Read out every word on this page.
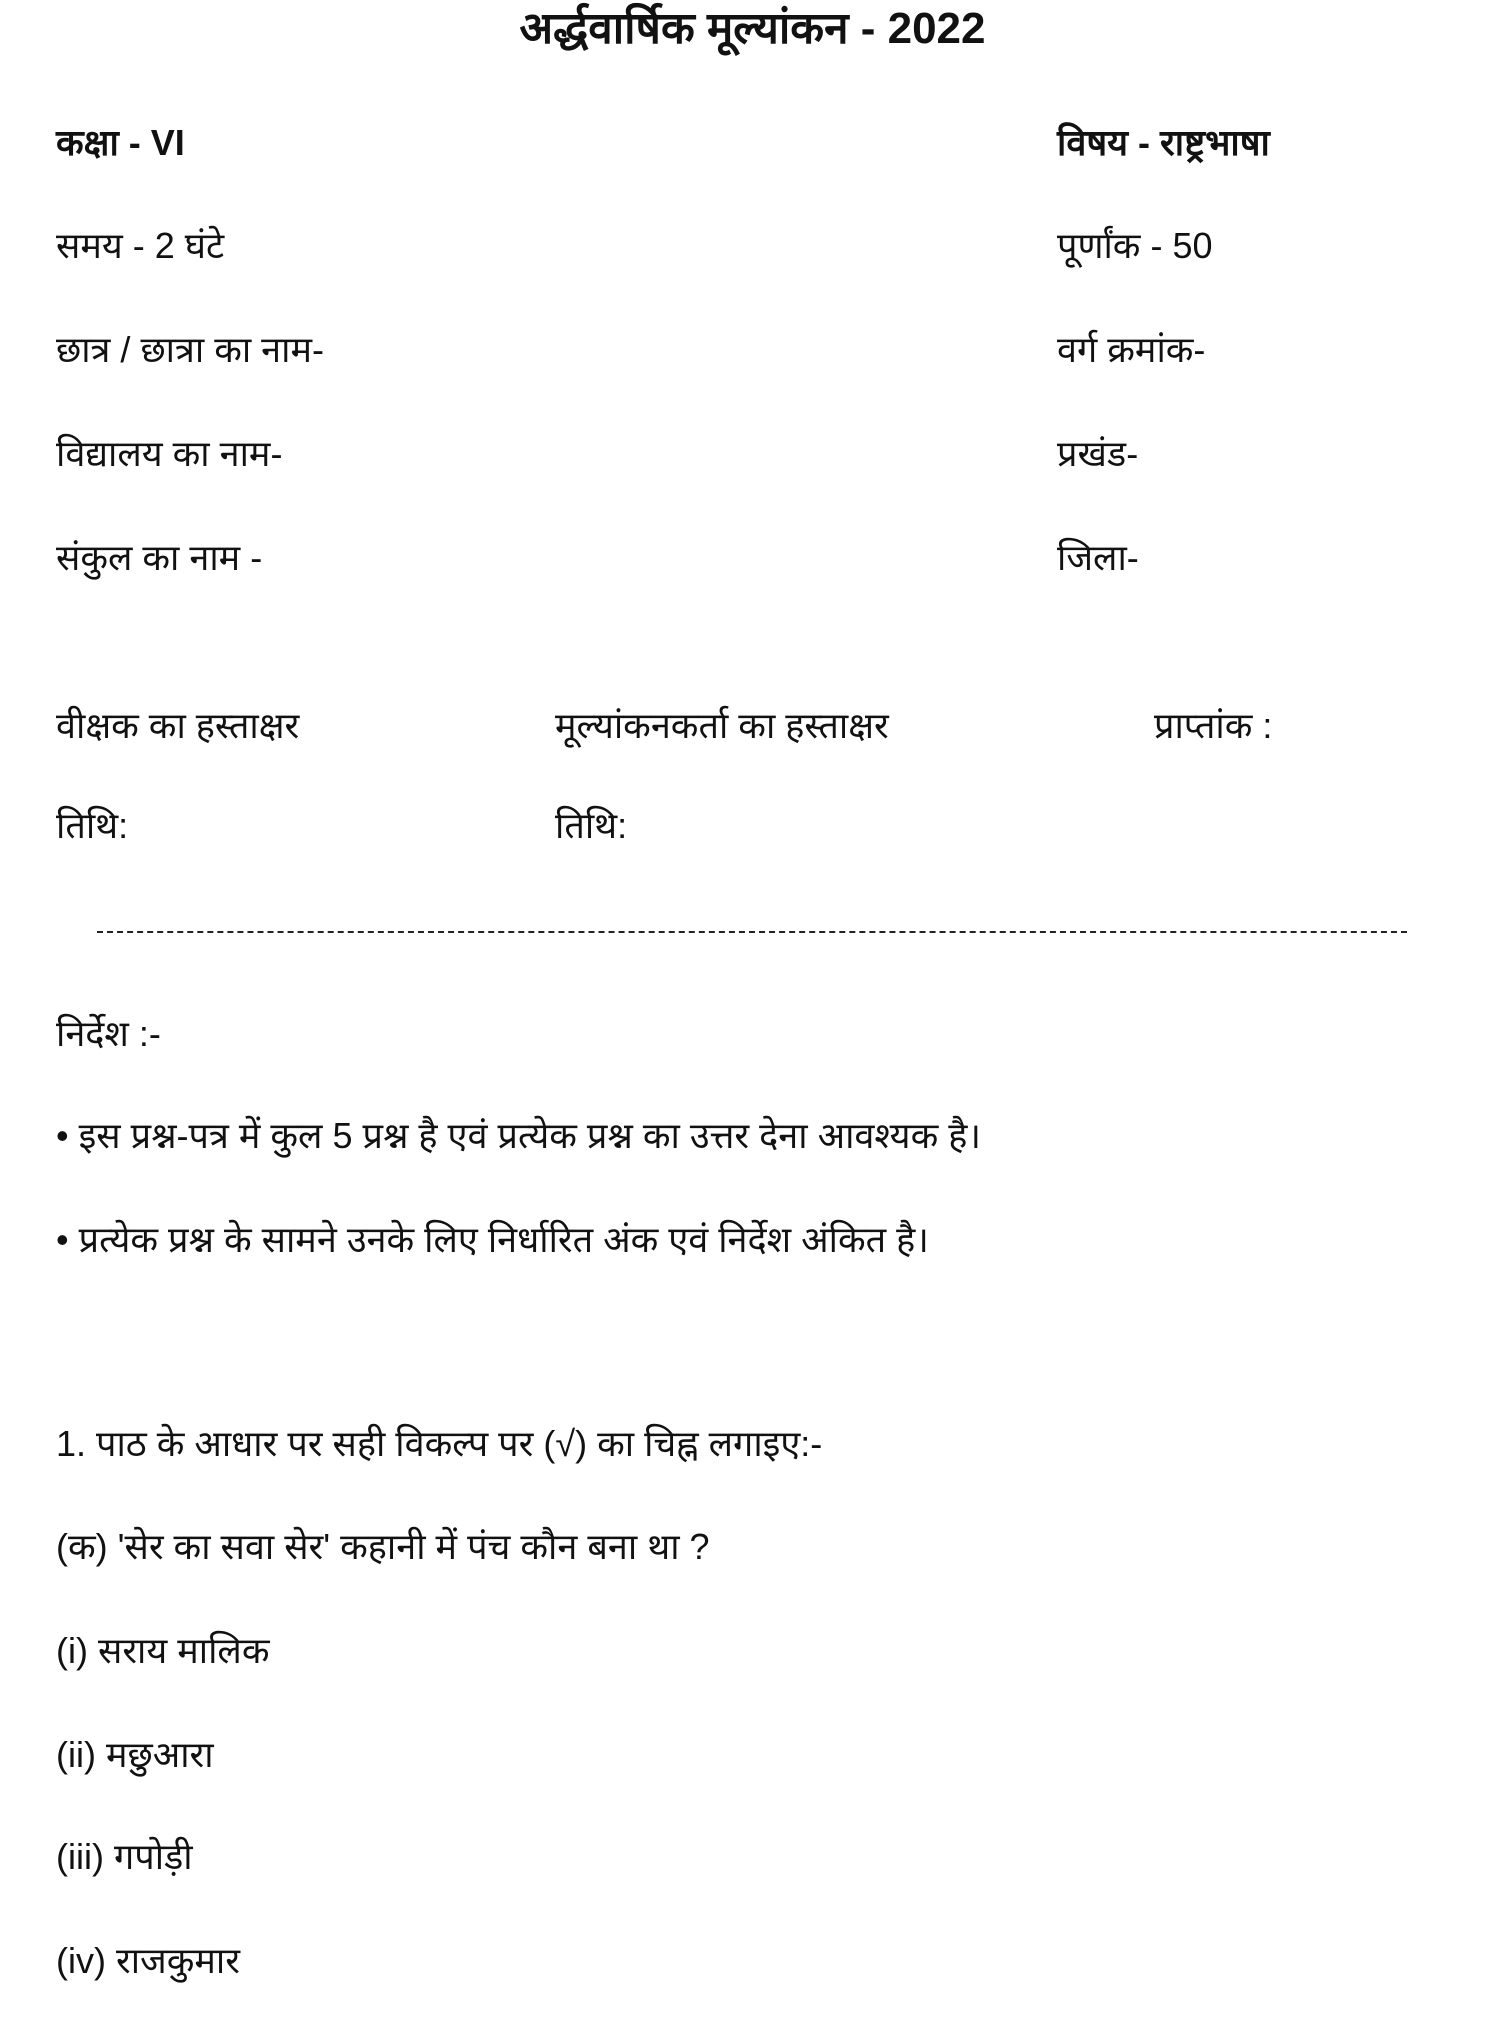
अर्द्धवार्षिक मूल्यांकन - 2022
कक्षा - VI	विषय - राष्ट्रभाषा
समय - 2 घंटे	पूर्णांक - 50
छात्र / छात्रा का नाम-	वर्ग क्रमांक-
विद्यालय का नाम-	प्रखंड-
संकुल का नाम -	जिला-
वीक्षक का हस्ताक्षर	मूल्यांकनकर्ता का हस्ताक्षर	प्राप्तांक :
तिथि:	तिथि:
निर्देश :-
• इस प्रश्न-पत्र में कुल 5 प्रश्न है एवं प्रत्येक प्रश्न का उत्तर देना आवश्यक है।
• प्रत्येक प्रश्न के सामने उनके लिए निर्धारित अंक एवं निर्देश अंकित है।
1. पाठ के आधार पर सही विकल्प पर (√) का चिह्न लगाइए:-
(क) 'सेर का सवा सेर' कहानी में पंच कौन बना था ?
(i) सराय मालिक
(ii) मछुआरा
(iii) गपोड़ी
(iv) राजकुमार
